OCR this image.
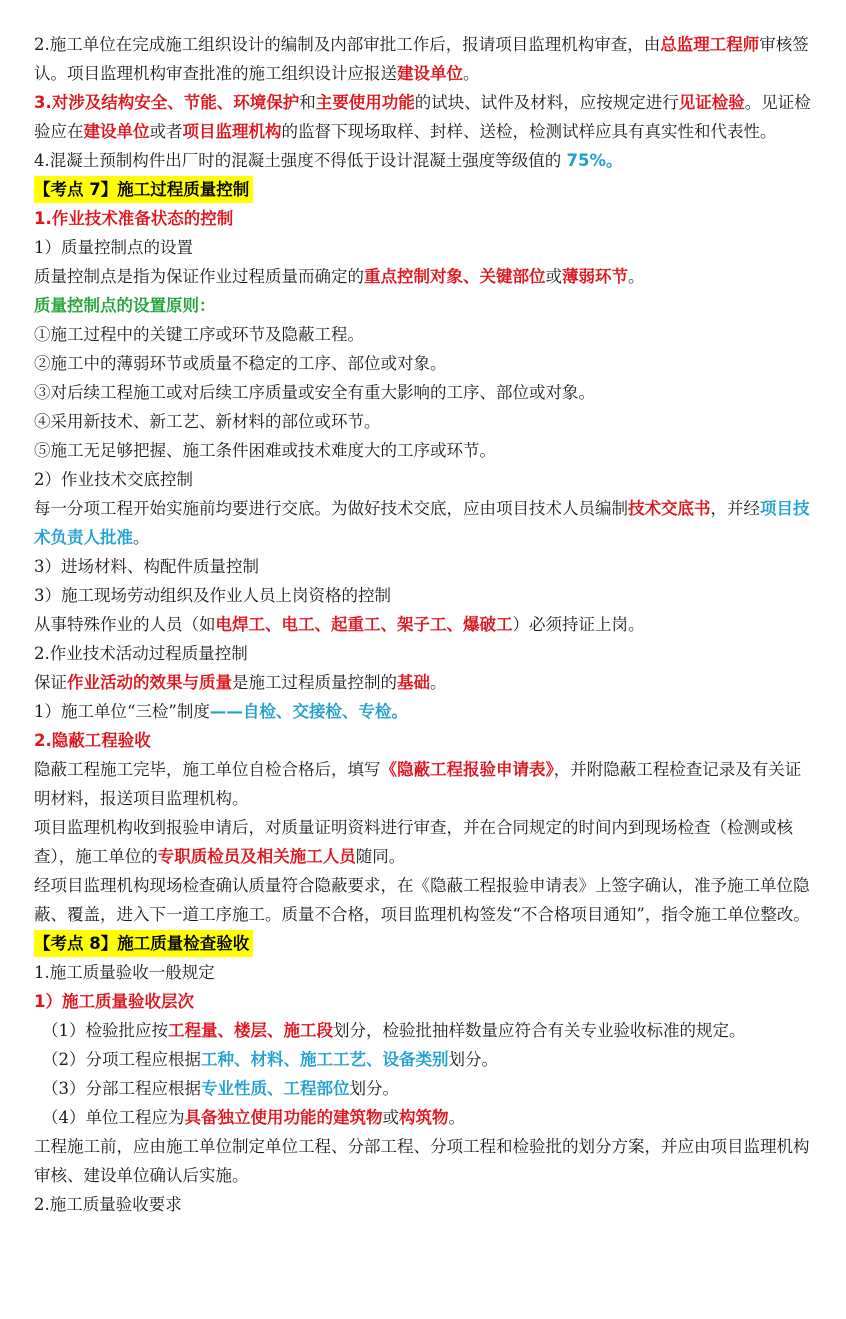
2.施工单位在完成施工组织设计的编制及内部审批工作后，报请项目监理机构审查，由总监理工程师审核签认。项目监理机构审查批准的施工组织设计应报送建设单位。

3.对涉及结构安全、节能、环境保护和主要使用功能的试块、试件及材料，应按规定进行见证检验。见证检验应在建设单位或者项目监理机构的监督下现场取样、封样、送检，检测试样应具有真实性和代表性。

4.混凝土预制构件出厂时的混凝土强度不得低于设计混凝土强度等级值的 75%。

【考点 7】施工过程质量控制

1.作业技术准备状态的控制

1）质量控制点的设置

质量控制点是指为保证作业过程质量而确定的重点控制对象、关键部位或薄弱环节。

质量控制点的设置原则：

①施工过程中的关键工序或环节及隐蔽工程。

②施工中的薄弱环节或质量不稳定的工序、部位或对象。

③对后续工程施工或对后续工序质量或安全有重大影响的工序、部位或对象。

④采用新技术、新工艺、新材料的部位或环节。

⑤施工无足够把握、施工条件困难或技术难度大的工序或环节。

2）作业技术交底控制

每一分项工程开始实施前均要进行交底。为做好技术交底，应由项目技术人员编制技术交底书，并经项目技术负责人批准。

3）进场材料、构配件质量控制

3）施工现场劳动组织及作业人员上岗资格的控制

从事特殊作业的人员（如电焊工、电工、起重工、架子工、爆破工）必须持证上岗。

2.作业技术活动过程质量控制

保证作业活动的效果与质量是施工过程质量控制的基础。

1）施工单位“三检”制度——自检、交接检、专检。

2.隐蔽工程验收

隐蔽工程施工完毕，施工单位自检合格后，填写《隐蔽工程报验申请表》，并附隐蔽工程检查记录及有关证明材料，报送项目监理机构。

项目监理机构收到报验申请后，对质量证明资料进行审查，并在合同规定的时间内到现场检查（检测或核查），施工单位的专职质检员及相关施工人员随同。

经项目监理机构现场检查确认质量符合隐蔽要求，在《隐蔽工程报验申请表》上签字确认，准予施工单位隐蔽、覆盖，进入下一道工序施工。质量不合格，项目监理机构签发“不合格项目通知”，指令施工单位整改。

【考点 8】施工质量检查验收

1.施工质量验收一般规定

1）施工质量验收层次

（1）检验批应按工程量、楼层、施工段划分，检验批抽样数量应符合有关专业验收标准的规定。

（2）分项工程应根据工种、材料、施工工艺、设备类别划分。

（3）分部工程应根据专业性质、工程部位划分。

（4）单位工程应为具备独立使用功能的建筑物或构筑物。

工程施工前，应由施工单位制定单位工程、分部工程、分项工程和检验批的划分方案，并应由项目监理机构审核、建设单位确认后实施。

2.施工质量验收要求
